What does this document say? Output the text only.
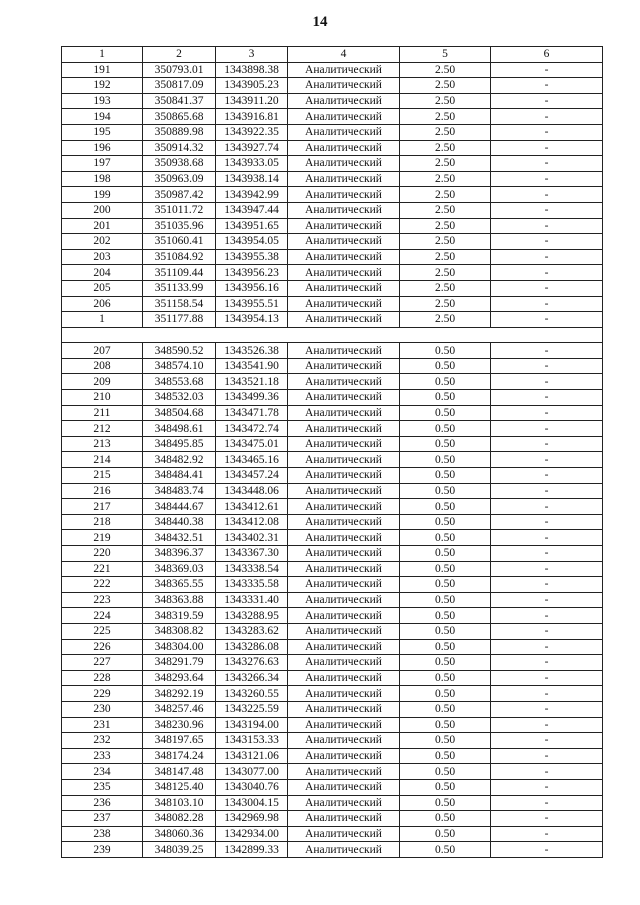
14
1	2	3	4	5	6
191	350793.01	1343898.38	Аналитический	2.50	-
192	350817.09	1343905.23	Аналитический	2.50	-
193	350841.37	1343911.20	Аналитический	2.50	-
194	350865.68	1343916.81	Аналитический	2.50	-
195	350889.98	1343922.35	Аналитический	2.50	-
196	350914.32	1343927.74	Аналитический	2.50	-
197	350938.68	1343933.05	Аналитический	2.50	-
198	350963.09	1343938.14	Аналитический	2.50	-
199	350987.42	1343942.99	Аналитический	2.50	-
200	351011.72	1343947.44	Аналитический	2.50	-
201	351035.96	1343951.65	Аналитический	2.50	-
202	351060.41	1343954.05	Аналитический	2.50	-
203	351084.92	1343955.38	Аналитический	2.50	-
204	351109.44	1343956.23	Аналитический	2.50	-
205	351133.99	1343956.16	Аналитический	2.50	-
206	351158.54	1343955.51	Аналитический	2.50	-
1	351177.88	1343954.13	Аналитический	2.50	-

207	348590.52	1343526.38	Аналитический	0.50	-
208	348574.10	1343541.90	Аналитический	0.50	-
209	348553.68	1343521.18	Аналитический	0.50	-
210	348532.03	1343499.36	Аналитический	0.50	-
211	348504.68	1343471.78	Аналитический	0.50	-
212	348498.61	1343472.74	Аналитический	0.50	-
213	348495.85	1343475.01	Аналитический	0.50	-
214	348482.92	1343465.16	Аналитический	0.50	-
215	348484.41	1343457.24	Аналитический	0.50	-
216	348483.74	1343448.06	Аналитический	0.50	-
217	348444.67	1343412.61	Аналитический	0.50	-
218	348440.38	1343412.08	Аналитический	0.50	-
219	348432.51	1343402.31	Аналитический	0.50	-
220	348396.37	1343367.30	Аналитический	0.50	-
221	348369.03	1343338.54	Аналитический	0.50	-
222	348365.55	1343335.58	Аналитический	0.50	-
223	348363.88	1343331.40	Аналитический	0.50	-
224	348319.59	1343288.95	Аналитический	0.50	-
225	348308.82	1343283.62	Аналитический	0.50	-
226	348304.00	1343286.08	Аналитический	0.50	-
227	348291.79	1343276.63	Аналитический	0.50	-
228	348293.64	1343266.34	Аналитический	0.50	-
229	348292.19	1343260.55	Аналитический	0.50	-
230	348257.46	1343225.59	Аналитический	0.50	-
231	348230.96	1343194.00	Аналитический	0.50	-
232	348197.65	1343153.33	Аналитический	0.50	-
233	348174.24	1343121.06	Аналитический	0.50	-
234	348147.48	1343077.00	Аналитический	0.50	-
235	348125.40	1343040.76	Аналитический	0.50	-
236	348103.10	1343004.15	Аналитический	0.50	-
237	348082.28	1342969.98	Аналитический	0.50	-
238	348060.36	1342934.00	Аналитический	0.50	-
239	348039.25	1342899.33	Аналитический	0.50	-
